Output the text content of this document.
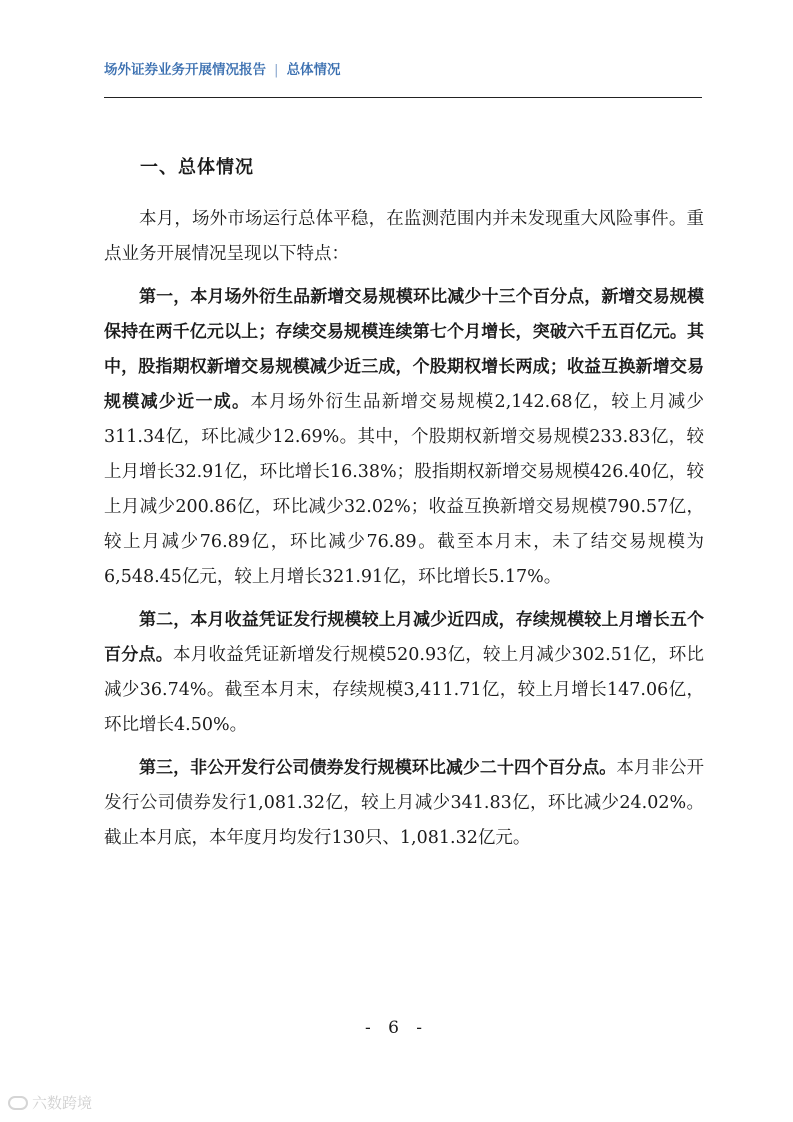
场外证券业务开展情况报告 | 总体情况
一、总体情况

本月，场外市场运行总体平稳，在监测范围内并未发现重大风险事件。重点业务开展情况呈现以下特点：

第一，本月场外衍生品新增交易规模环比减少十三个百分点，新增交易规模保持在两千亿元以上；存续交易规模连续第七个月增长，突破六千五百亿元。其中，股指期权新增交易规模减少近三成，个股期权增长两成；收益互换新增交易规模减少近一成。本月场外衍生品新增交易规模2,142.68亿，较上月减少311.34亿，环比减少12.69%。其中，个股期权新增交易规模233.83亿，较上月增长32.91亿，环比增长16.38%；股指期权新增交易规模426.40亿，较上月减少200.86亿，环比减少32.02%；收益互换新增交易规模790.57亿，较上月减少76.89亿，环比减少76.89。截至本月末，未了结交易规模为6,548.45亿元，较上月增长321.91亿，环比增长5.17%。

第二，本月收益凭证发行规模较上月减少近四成，存续规模较上月增长五个百分点。本月收益凭证新增发行规模520.93亿，较上月减少302.51亿，环比减少36.74%。截至本月末，存续规模3,411.71亿，较上月增长147.06亿，环比增长4.50%。

第三，非公开发行公司债券发行规模环比减少二十四个百分点。本月非公开发行公司债券发行1,081.32亿，较上月减少341.83亿，环比减少24.02%。截止本月底，本年度月均发行130只、1,081.32亿元。

- 6 -
六数跨境
